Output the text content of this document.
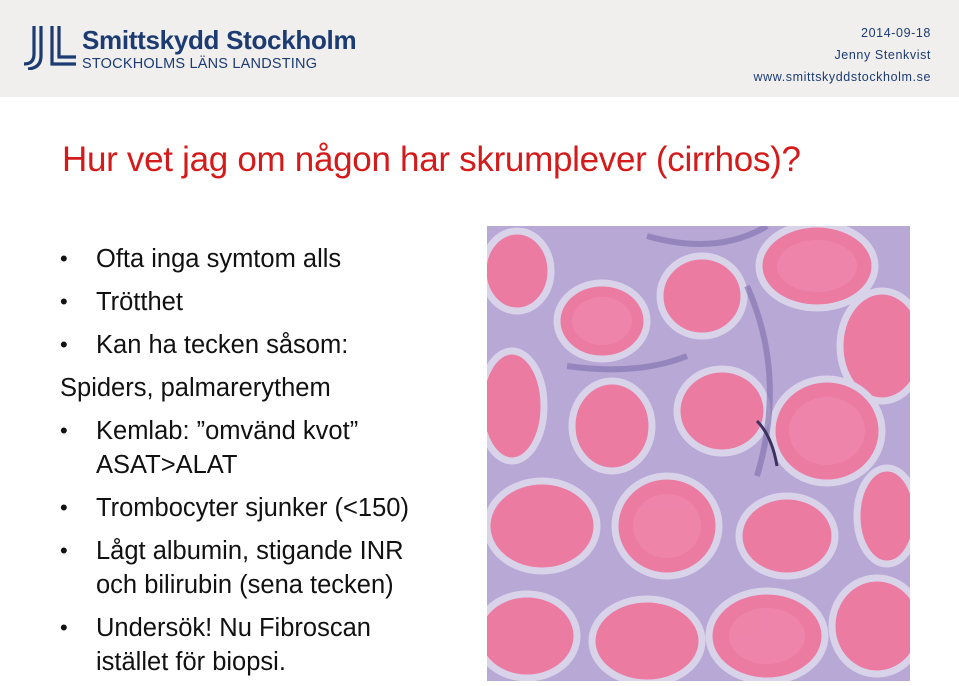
Smittskydd Stockholm
STOCKHOLMS LÄNS LANDSTING
2014-09-18
Jenny Stenkvist
www.smittskyddstockholm.se
Hur vet jag om någon har skrumplever (cirrhos)?
• Ofta inga symtom alls
• Trötthet
• Kan ha tecken såsom:
Spiders, palmarerythem
• Kemlab: ”omvänd kvot”
ASAT>ALAT
• Trombocyter sjunker (<150)
• Lågt albumin, stigande INR
och bilirubin (sena tecken)
• Undersök! Nu Fibroscan
istället för biopsi.
